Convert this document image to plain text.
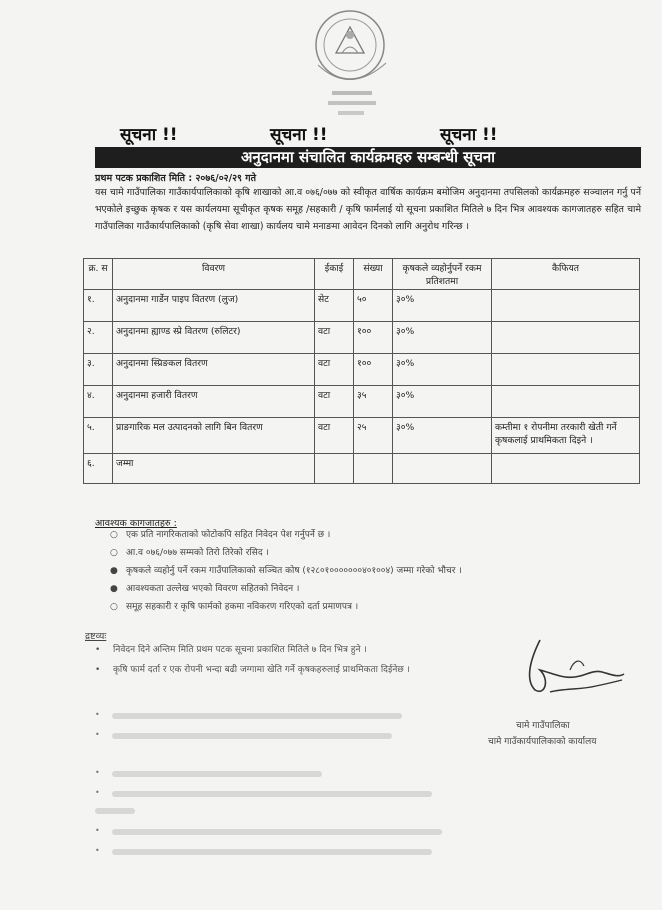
सूचना !!	सूचना !!	सूचना !!
अनुदानमा संचालित कार्यक्रमहरु सम्बन्धी सूचना
प्रथम पटक प्रकाशित मिति : २०७६/०२/२९ गते
यस चामे गाउँपालिका गाउँकार्यपालिकाको कृषि शाखाको आ.व ०७६/०७७ को स्वीकृत वार्षिक कार्यक्रम बमोजिम अनुदानमा तपसिलको कार्यक्रमहरु सञ्चालन गर्नु पर्ने भएकोले इच्छुक कृषक र यस कार्यलयमा सूचीकृत कृषक समूह /सहकारी / कृषि फार्मलाई यो सूचना प्रकाशित मितिले ७ दिन भित्र आवश्यक कागजातहरु सहित चामे गाउँपालिका गाउँकार्यपालिकाको (कृषि सेवा शाखा) कार्यलय चामे मनाङमा आवेदन दिनको लागि अनुरोध गरिन्छ ।
क्र. स	विवरण	ईकाई	संख्या	कृषकले व्यहोर्नुपर्ने रकम प्रतिशतमा	कैफियत
१.	अनुदानमा गार्डेन पाइप वितरण (लुज)	सेट	५०	३०%	
२.	अनुदानमा ह्याण्ड स्प्रे वितरण (रुलिटर)	वटा	१००	३०%	
३.	अनुदानमा स्प्रिङकल वितरण	वटा	१००	३०%	
४.	अनुदानमा हजारी वितरण	वटा	३५	३०%	
५.	प्राङगारिक मल उत्पादनको लागि बिन वितरण	वटा	२५	३०%	कम्तीमा १ रोपनीमा तरकारी खेती गर्ने कृषकलाई प्राथमिकता दिइने ।
६.	जम्मा				
आवश्यक कागजातहरु :
○ एक प्रति नागरिकताको फोटोकपि सहित निवेदन पेश गर्नुपर्ने छ ।
○ आ.व ०७६/०७७ सम्मको तिरो तिरेको रसिद ।
● कृषकले व्यहोर्नु पर्ने रकम गाउँपालिकाको सञ्चित कोष (१२८०१०००००००४०१००४) जम्मा गरेको भौचर ।
● आवश्यकता उल्लेख भएको विवरण सहितको निवेदन ।
○ समूह सहकारी र कृषि फार्मको हकमा नविकरण गरिएको दर्ता प्रमाणपत्र ।
द्रष्टव्यः
• निवेदन दिने अन्तिम मिति प्रथम पटक सूचना प्रकाशित मितिले ७ दिन भित्र हुने ।
• कृषि फार्म दर्ता र एक रोपनी भन्दा बढी जग्गामा खेति गर्ने कृषकहरुलाई प्राथमिकता दिईनेछ ।
•
•
•
•
•
•
चामे गाउँपालिका
चामे गाउँकार्यपालिकाको कार्यालय
